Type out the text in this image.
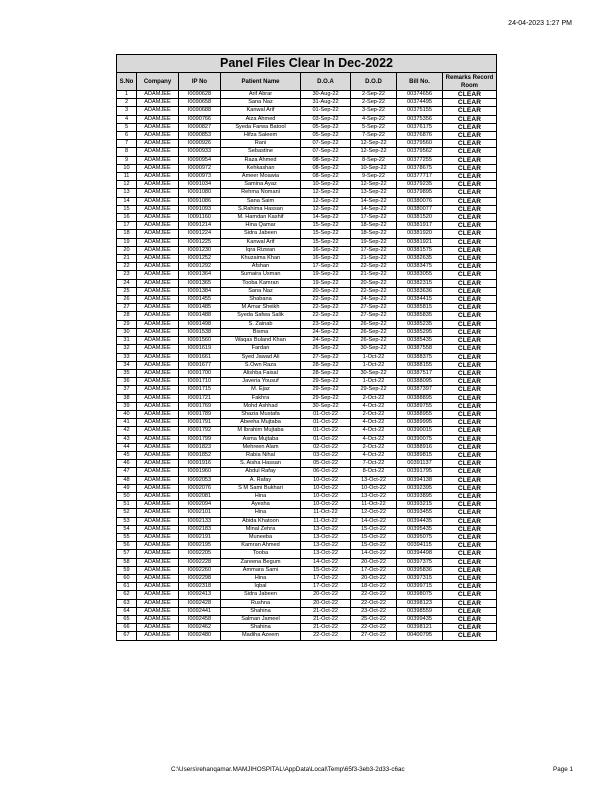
24-04-2023 1:27 PM
Panel Files Clear In Dec-2022							
S.No	Company	IP No	Patient Name	D.O.A	D.O.D	Bill No.	Remarks Record Room
1	ADAMJEE	I0090628	Arif Abrar	30-Aug-22	2-Sep-22	00374656	CLEAR
2	ADAMJEE	I0090658	Sana Naz	31-Aug-22	2-Sep-22	00374495	CLEAR
3	ADAMJEE	I0090688	Kanwal Arif	01-Sep-22	3-Sep-22	00375155	CLEAR
4	ADAMJEE	I0090766	Aiza Ahmed	03-Sep-22	4-Sep-22	00375356	CLEAR
5	ADAMJEE	I0090827	Syeda Farwa Batool	05-Sep-22	5-Sep-22	00376175	CLEAR
6	ADAMJEE	I0090853	Hifza Saleem	05-Sep-22	7-Sep-22	00376876	CLEAR
7	ADAMJEE	I0090926	Rani	07-Sep-22	12-Sep-22	00379560	CLEAR
8	ADAMJEE	I0090933	Sebastine	07-Sep-22	12-Sep-22	00379562	CLEAR
9	ADAMJEE	I0090954	Raza Ahmed	08-Sep-22	8-Sep-22	00377255	CLEAR
10	ADAMJEE	I0090972	Kehkashan	08-Sep-22	10-Sep-22	00378675	CLEAR
11	ADAMJEE	I0090973	Ameer Moawia	08-Sep-22	9-Sep-22	00377717	CLEAR
12	ADAMJEE	I0091034	Samina Ayaz	10-Sep-22	12-Sep-22	00379235	CLEAR
13	ADAMJEE	I0091080	Rehma Nomani	12-Sep-22	13-Sep-22	00379895	CLEAR
14	ADAMJEE	I0091086	Sana Saim	12-Sep-22	14-Sep-22	00380076	CLEAR
15	ADAMJEE	I0091093	S.Rahima Hassan	12-Sep-22	14-Sep-22	00380077	CLEAR
16	ADAMJEE	I0091160	M. Hamdan Kashif	14-Sep-22	17-Sep-22	00381520	CLEAR
17	ADAMJEE	I0091214	Hina Qamar	15-Sep-22	18-Sep-22	00381917	CLEAR
18	ADAMJEE	I0091224	Sidra Jabeen	15-Sep-22	18-Sep-22	00381920	CLEAR
19	ADAMJEE	I0091225	Kanwal Arif	15-Sep-22	19-Sep-22	00381921	CLEAR
20	ADAMJEE	I0091230	Iqra Rizwan	16-Sep-22	17-Sep-22	00381575	CLEAR
21	ADAMJEE	I0091252	Khuzaima Khan	16-Sep-22	21-Sep-22	00382635	CLEAR
22	ADAMJEE	I0091292	Afshan	17-Sep-22	22-Sep-22	00383475	CLEAR
23	ADAMJEE	I0091364	Sumaira Usman	19-Sep-22	21-Sep-22	00383055	CLEAR
24	ADAMJEE	I0091365	Tooba Kamran	19-Sep-22	20-Sep-22	00382315	CLEAR
25	ADAMJEE	I0091384	Sana Naz	20-Sep-22	22-Sep-22	00383636	CLEAR
26	ADAMJEE	I0091455	Shabana	22-Sep-22	24-Sep-22	00384415	CLEAR
27	ADAMJEE	I0091485	M Amar Sheikh	22-Sep-22	27-Sep-22	00385815	CLEAR
28	ADAMJEE	I0091488	Syeda Safwa Salik	22-Sep-22	27-Sep-22	00385835	CLEAR
29	ADAMJEE	I0091498	S. Zainab	23-Sep-22	26-Sep-22	00385235	CLEAR
30	ADAMJEE	I0091538	Bisma	24-Sep-22	26-Sep-22	00385295	CLEAR
31	ADAMJEE	I0091560	Waqas Buland Khan	24-Sep-22	26-Sep-22	00385435	CLEAR
32	ADAMJEE	I0091619	Fardan	26-Sep-22	30-Sep-22	00387558	CLEAR
33	ADAMJEE	I0091661	Syed Jawad Ali	27-Sep-22	1-Oct-22	00388375	CLEAR
34	ADAMJEE	I0091677	S.Own Raza	28-Sep-22	1-Oct-22	00388155	CLEAR
35	ADAMJEE	I0091700	Alishba Faisal	28-Sep-22	30-Sep-22	00387517	CLEAR
36	ADAMJEE	I0091710	Javeria Yousuf	29-Sep-22	1-Oct-22	00388095	CLEAR
37	ADAMJEE	I0091715	M. Ejaz	29-Sep-22	29-Sep-22	00387397	CLEAR
38	ADAMJEE	I0091721	Fakhra	29-Sep-22	2-Oct-22	00388895	CLEAR
39	ADAMJEE	I0091769	Mohd Ashhad	30-Sep-22	4-Oct-22	00389755	CLEAR
40	ADAMJEE	I0091789	Shazia Mustafa	01-Oct-22	2-Oct-22	00388955	CLEAR
41	ADAMJEE	I0091791	Abeeha Mujtaba	01-Oct-22	4-Oct-22	00389995	CLEAR
42	ADAMJEE	I0091792	M Ibrahim Mujtaba	01-Oct-22	4-Oct-22	00390015	CLEAR
43	ADAMJEE	I0091799	Asma Mujtaba	01-Oct-22	4-Oct-22	00390075	CLEAR
44	ADAMJEE	I0091823	Mehreen Alam	02-Oct-22	2-Oct-22	00388916	CLEAR
45	ADAMJEE	I0091852	Rabia Nihal	03-Oct-22	4-Oct-22	00389815	CLEAR
46	ADAMJEE	I0091916	S. Aisha Hassan	05-Oct-22	7-Oct-22	00391137	CLEAR
47	ADAMJEE	I0091960	Abdul Rafay	06-Oct-22	8-Oct-22	00391795	CLEAR
48	ADAMJEE	I0092053	A. Rafay	10-Oct-22	13-Oct-22	00394138	CLEAR
49	ADAMJEE	I0092076	S M Sami Bukhari	10-Oct-22	10-Oct-22	00392395	CLEAR
50	ADAMJEE	I0092081	Hina	10-Oct-22	13-Oct-22	00393895	CLEAR
51	ADAMJEE	I0092094	Ayesha	10-Oct-22	11-Oct-22	00393215	CLEAR
52	ADAMJEE	I0092101	Hina	11-Oct-22	12-Oct-22	00393455	CLEAR
53	ADAMJEE	I0092133	Abida Khatoon	11-Oct-22	14-Oct-22	00394435	CLEAR
54	ADAMJEE	I0092183	Minal Zehra	13-Oct-22	15-Oct-22	00395435	CLEAR
55	ADAMJEE	I0092191	Muneeba	13-Oct-22	15-Oct-22	00395075	CLEAR
56	ADAMJEE	I0092195	Kamran Ahmed	13-Oct-22	15-Oct-22	00394115	CLEAR
57	ADAMJEE	I0092205	Tooba	13-Oct-22	14-Oct-22	00394498	CLEAR
58	ADAMJEE	I0092228	Zareena Begum	14-Oct-22	20-Oct-22	00397375	CLEAR
59	ADAMJEE	I0092260	Ammara Sami	15-Oct-22	17-Oct-22	00395836	CLEAR
60	ADAMJEE	I0092298	Hina	17-Oct-22	20-Oct-22	00397315	CLEAR
61	ADAMJEE	I0092318	Iqbal	17-Oct-22	18-Oct-22	00399715	CLEAR
62	ADAMJEE	I0092413	Sidra Jabeen	20-Oct-22	22-Oct-22	00398075	CLEAR
63	ADAMJEE	I0092428	Rushna	20-Oct-22	22-Oct-22	00398123	CLEAR
64	ADAMJEE	I0092441	Shahina	21-Oct-22	23-Oct-22	00398559	CLEAR
65	ADAMJEE	I0092458	Salman Jameel	21-Oct-22	25-Oct-22	00399435	CLEAR
66	ADAMJEE	I0092462	Shahina	21-Oct-22	22-Oct-22	00398121	CLEAR
67	ADAMJEE	I0092480	Madiha Azeem	22-Oct-22	27-Oct-22	00400795	CLEAR
C:\Users\rehanqamar.MAMJIHOSPITAL\AppData\Local\Temp\65f3-3eb3-2d33-c6ac	Page 1
